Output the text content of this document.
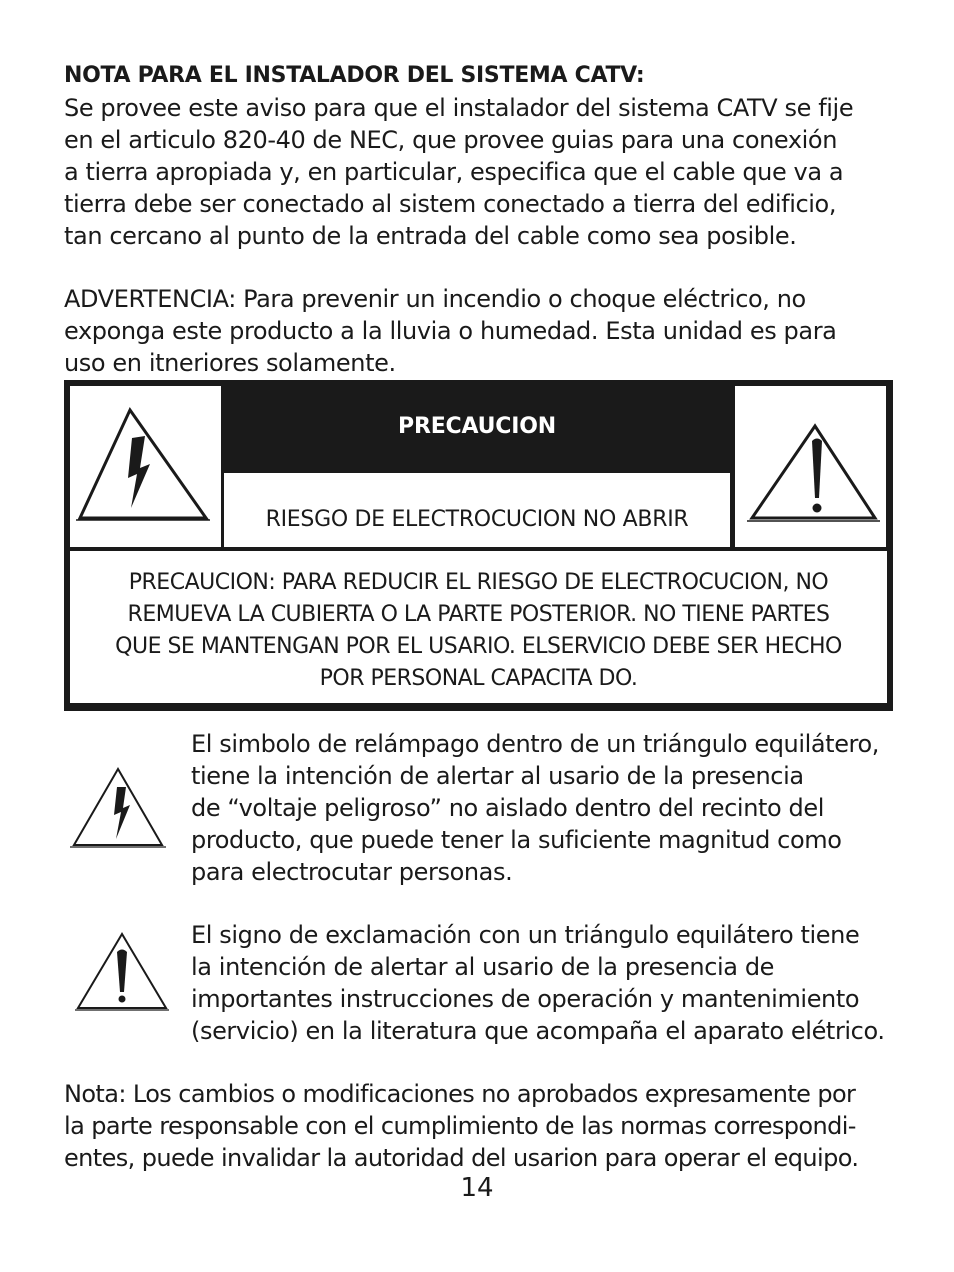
NOTA PARA EL INSTALADOR DEL SISTEMA CATV:
Se provee este aviso para que el instalador del sistema CATV se fije
en el articulo 820-40 de NEC, que provee guias para una conexión
a tierra apropiada y, en particular, especifica que el cable que va a
tierra debe ser conectado al sistem conectado a tierra del edificio,
tan cercano al punto de la entrada del cable como sea posible.
ADVERTENCIA: Para prevenir un incendio o choque eléctrico, no
exponga este producto a la lluvia o humedad. Esta unidad es para
uso en itneriores solamente.
PRECAUCION
RIESGO DE ELECTROCUCION NO ABRIR
PRECAUCION: PARA REDUCIR EL RIESGO DE ELECTROCUCION, NO
REMUEVA LA CUBIERTA O LA PARTE POSTERIOR. NO TIENE PARTES
QUE SE MANTENGAN POR EL USARIO. ELSERVICIO DEBE SER HECHO
POR PERSONAL CAPACITA DO.
El simbolo de relámpago dentro de un triángulo equilátero,
tiene la intención de alertar al usario de la presencia
de “voltaje peligroso” no aislado dentro del recinto del
producto, que puede tener la suficiente magnitud como
para electrocutar personas.
El signo de exclamación con un triángulo equilátero tiene
la intención de alertar al usario de la presencia de
importantes instrucciones de operación y mantenimiento
(servicio) en la literatura que acompaña el aparato elétrico.
Nota: Los cambios o modificaciones no aprobados expresamente por
la parte responsable con el cumplimiento de las normas correspondi-
entes, puede invalidar la autoridad del usarion para operar el equipo.
14
